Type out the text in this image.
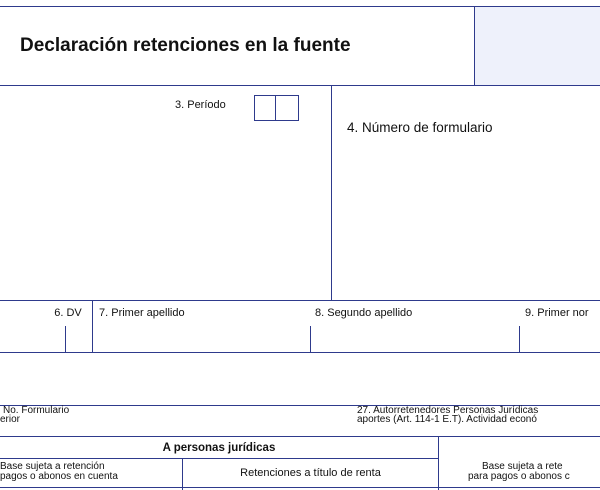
Declaración retenciones en la fuente
3. Período
4. Número de formulario
6. DV	7. Primer apellido	8. Segundo apellido	9. Primer nor
No. Formulario
erior
27. Autorretenedores Personas Jurídicas
aportes (Art. 114-1 E.T). Actividad econó
A personas jurídicas
Base sujeta a retención
pagos o abonos en cuenta	Retenciones a título de renta
Base sujeta a rete
para pagos o abonos c
